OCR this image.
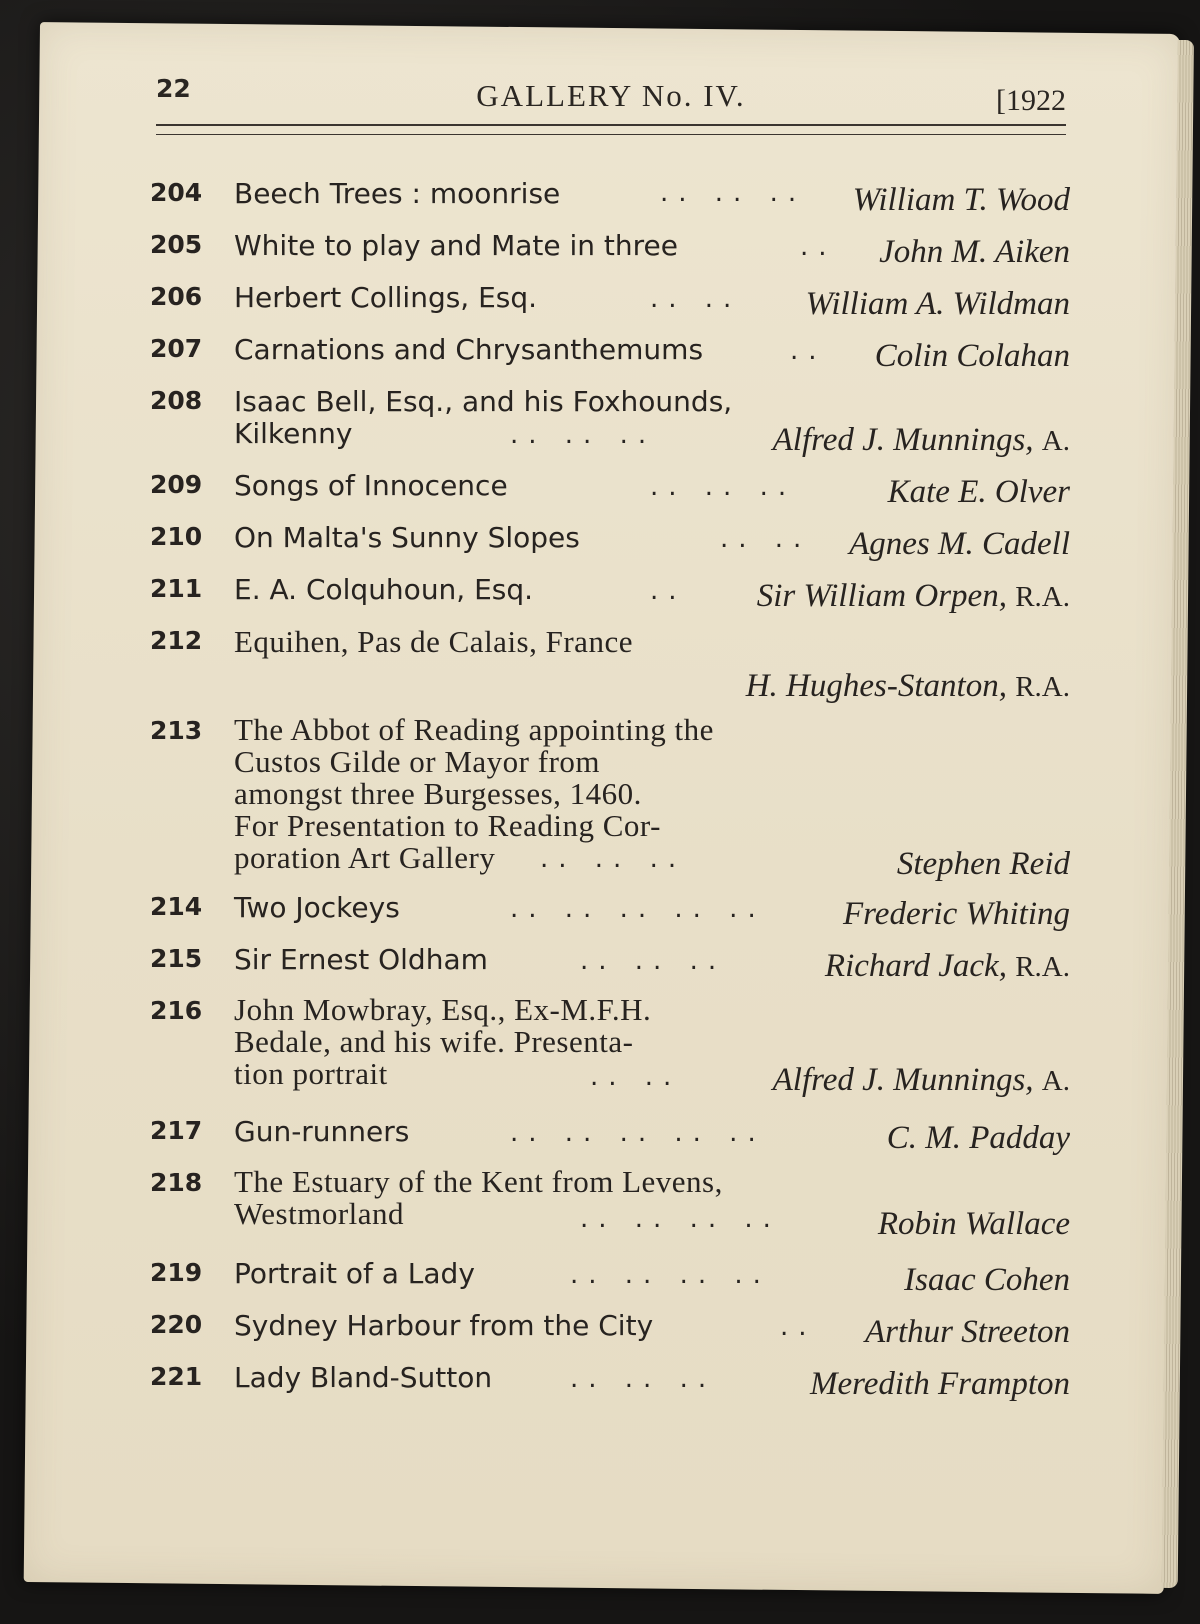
22	GALLERY No. IV.	[1922
204 Beech Trees : moonrise	.. .. .. William T. Wood
205 White to play and Mate in three	.. John M. Aiken
206 Herbert Collings, Esq.	.. .. William A. Wildman
207 Carnations and Chrysanthemums	.. Colin Colahan
208 Isaac Bell, Esq., and his Foxhounds,
Kilkenny	.. .. ..	Alfred J. Munnings, A.
209 Songs of Innocence	.. .. ..	Kate E. Olver
210 On Malta's Sunny Slopes	.. .. Agnes M. Cadell
211 E. A. Colquhoun, Esq.	.. Sir William Orpen, R.A.
212 Equihen, Pas de Calais, France
H. Hughes-Stanton, R.A.
213 The Abbot of Reading appointing the
Custos Gilde or Mayor from
amongst three Burgesses, 1460.
For Presentation to Reading Cor-
poration Art Gallery	.. .. ..	Stephen Reid
214 Two Jockeys	.. .. .. .. .. Frederic Whiting
215 Sir Ernest Oldham	.. .. ..	Richard Jack, R.A.
216 John Mowbray, Esq., Ex-M.F.H.
Bedale, and his wife. Presenta-
tion portrait	.. ..	Alfred J. Munnings, A.
217 Gun-runners	.. .. .. .. ..	C. M. Padday
218 The Estuary of the Kent from Levens,
Westmorland	.. .. .. ..	Robin Wallace
219 Portrait of a Lady	.. .. .. ..	Isaac Cohen
220 Sydney Harbour from the City	.. Arthur Streeton
221 Lady Bland-Sutton	.. .. ..	Meredith Frampton
